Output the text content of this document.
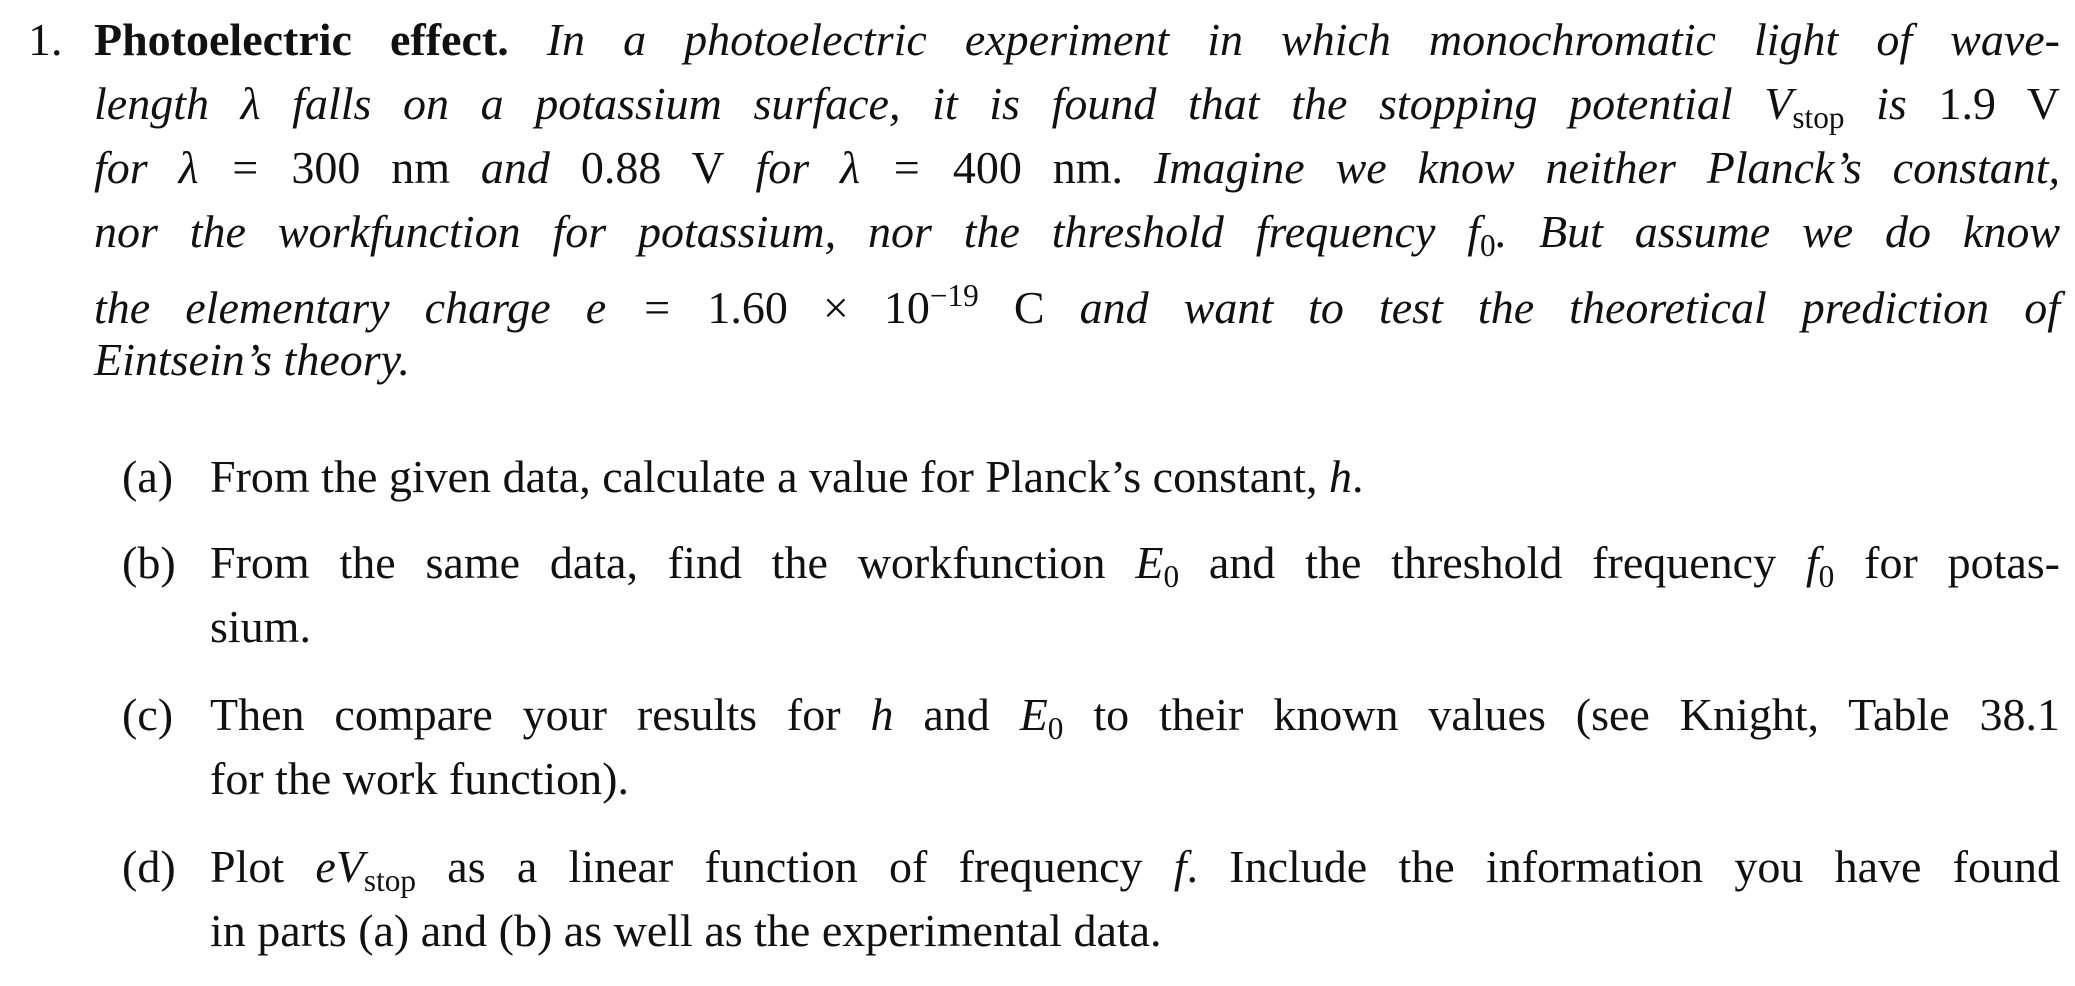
1. Photoelectric effect. In a photoelectric experiment in which monochromatic light of wave-
length λ falls on a potassium surface, it is found that the stopping potential $V_{stop}$ is 1.9 V
for λ = 300 nm and 0.88 V for λ = 400 nm. Imagine we know neither Planck’s constant,
nor the workfunction for potassium, nor the threshold frequency $f_0$. But assume we do know
the elementary charge $e = 1.60 \times 10^{-19}$ C and want to test the theoretical prediction of
Eintsein’s theory.
(a) From the given data, calculate a value for Planck’s constant, h.
(b) From the same data, find the workfunction $E_0$ and the threshold frequency $f_0$ for potas-
sium.
(c) Then compare your results for h and $E_0$ to their known values (see Knight, Table 38.1
for the work function).
(d) Plot $eV_{stop}$ as a linear function of frequency f. Include the information you have found
in parts (a) and (b) as well as the experimental data.
